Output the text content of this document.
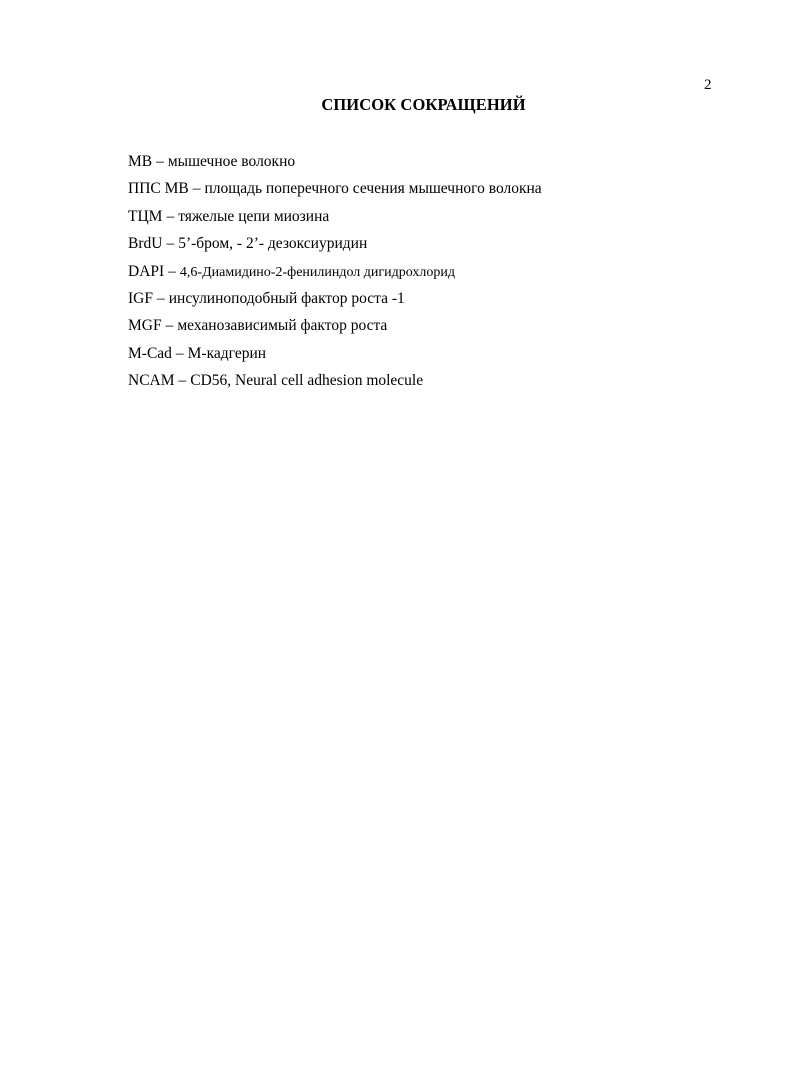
2
СПИСОК СОКРАЩЕНИЙ
МВ – мышечное волокно
ППС МВ – площадь поперечного сечения мышечного волокна
ТЦМ – тяжелые цепи миозина
BrdU – 5’-бром, - 2’- дезоксиуридин
DAPI – 4,6-Диамидино-2-фенилиндол дигидрохлорид
IGF – инсулиноподобный фактор роста -1
MGF – механозависимый фактор роста
M-Cad – М-кадгерин
NCAM – CD56, Neural cell adhesion molecule
